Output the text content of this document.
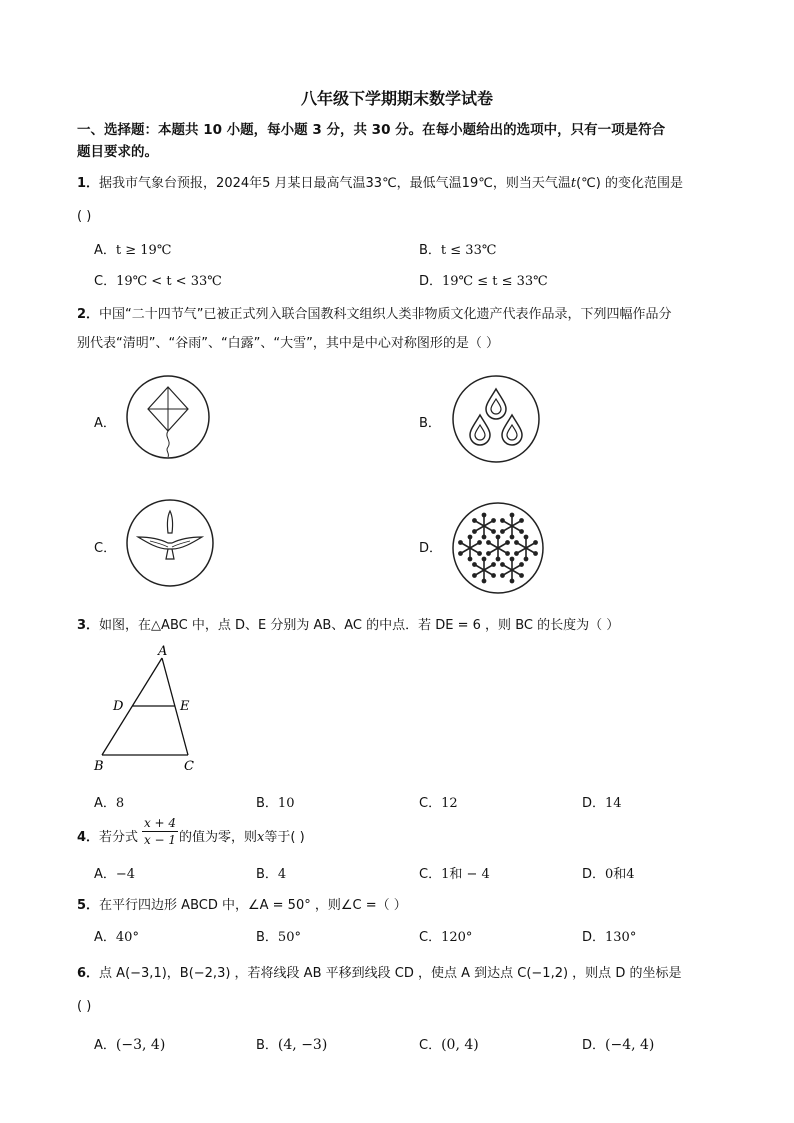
八年级下学期期末数学试卷
一、选择题：本题共 10 小题，每小题 3 分，共 30 分。在每小题给出的选项中，只有一项是符合
题目要求的。
1．据我市气象台预报，2024年5 月某日最高气温33℃，最低气温19℃，则当天气温t(℃) 的变化范围是
( )
A．t ≥ 19℃	B．t ≤ 33℃
C．19℃ < t < 33℃	D．19℃ ≤ t ≤ 33℃
2．中国“二十四节气”已被正式列入联合国教科文组织人类非物质文化遗产代表作品录，下列四幅作品分
别代表“清明”、“谷雨”、“白露”、“大雪”，其中是中心对称图形的是（ ）
A．	B．
C．	D．
3．如图，在△ABC 中，点 D、E 分别为 AB、AC 的中点．若 DE = 6 ，则 BC 的长度为（ ）
A
D	E
B	C
A．8	B．10	C．12	D．14
4．若分式 $\frac{x + 4}{x - 1}$ 的值为零，则x等于( )
A．−4	B．4	C．1和 − 4	D．0和4
5．在平行四边形 ABCD 中，∠A = 50° ，则∠C =（ ）
A．40°	B．50°	C．120°	D．130°
6．点 A(−3,1)，B(−2,3) ，若将线段 AB 平移到线段 CD ，使点 A 到达点 C(−1,2) ，则点 D 的坐标是
( )
A．(−3, 4)	B．(4, −3)	C．(0, 4)	D．(−4, 4)
